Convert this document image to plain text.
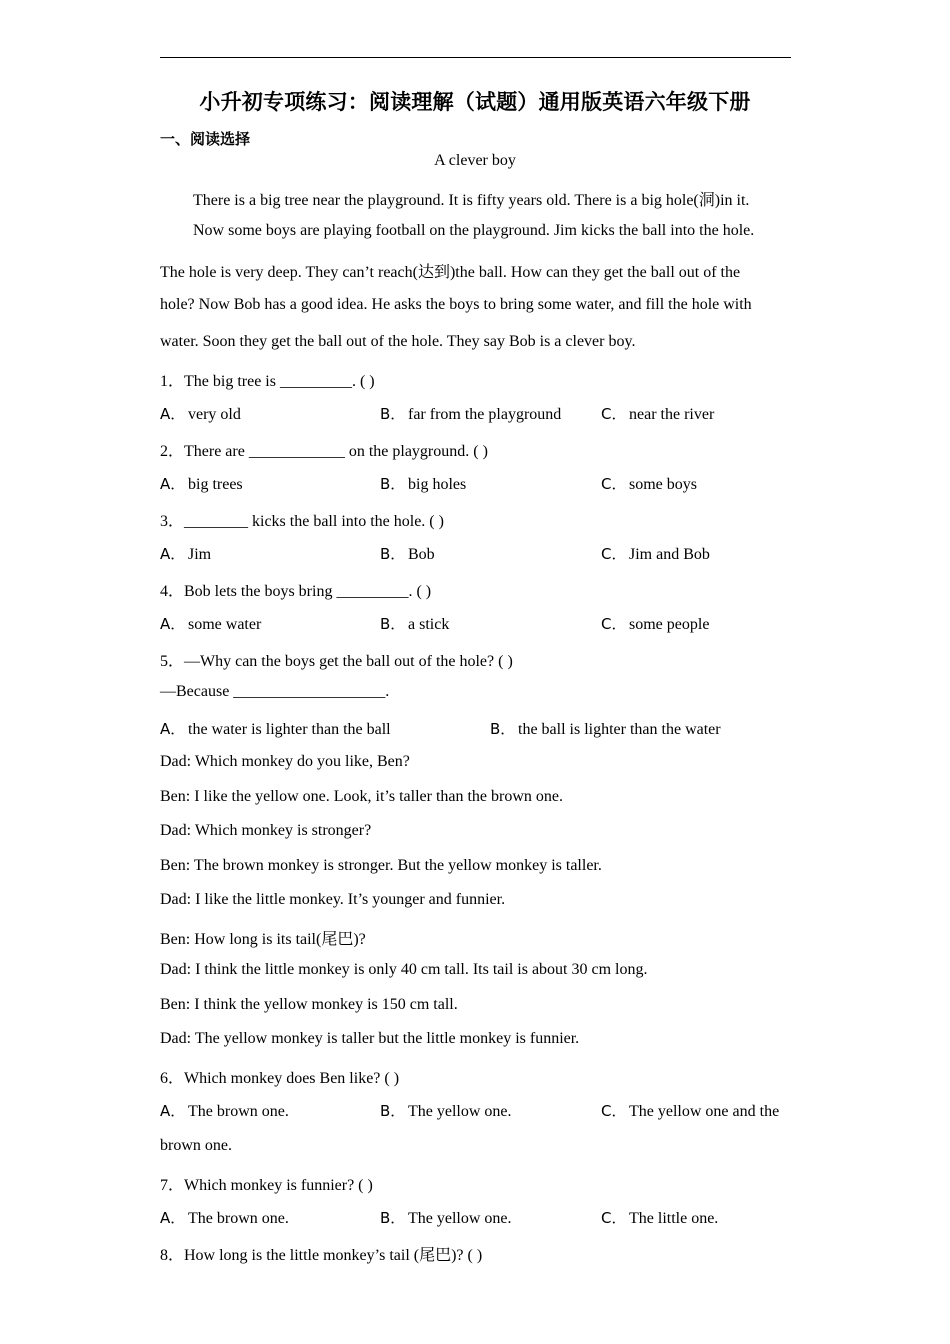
小升初专项练习：阅读理解（试题）通用版英语六年级下册
一、阅读选择
A clever boy
There is a big tree near the playground. It is fifty years old. There is a big hole(洞)in it.
Now some boys are playing football on the playground. Jim kicks the ball into the hole.
The hole is very deep. They can’t reach(达到)the ball. How can they get the ball out of the
hole? Now Bob has a good idea. He asks the boys to bring some water, and fill the hole with
water. Soon they get the ball out of the hole. They say Bob is a clever boy.
1．The big tree is _________. ( )
A． very old	B． far from the playground	C． near the river
2．There are ____________ on the playground. ( )
A． big trees	B． big holes	C． some boys
3．________ kicks the ball into the hole. ( )
A． Jim	B． Bob	C． Jim and Bob
4．Bob lets the boys bring _________. ( )
A． some water	B． a stick	C． some people
5．—Why can the boys get the ball out of the hole? ( )
—Because ___________________.
A． the water is lighter than the ball	B． the ball is lighter than the water
Dad: Which monkey do you like, Ben?
Ben: I like the yellow one. Look, it’s taller than the brown one.
Dad: Which monkey is stronger?
Ben: The brown monkey is stronger. But the yellow monkey is taller.
Dad: I like the little monkey. It’s younger and funnier.
Ben: How long is its tail(尾巴)?
Dad: I think the little monkey is only 40 cm tall. Its tail is about 30 cm long.
Ben: I think the yellow monkey is 150 cm tall.
Dad: The yellow monkey is taller but the little monkey is funnier.
6．Which monkey does Ben like? ( )
A． The brown one.	B． The yellow one.	C． The yellow one and the
brown one.
7．Which monkey is funnier? ( )
A． The brown one.	B． The yellow one.	C． The little one.
8．How long is the little monkey’s tail (尾巴)? ( )
